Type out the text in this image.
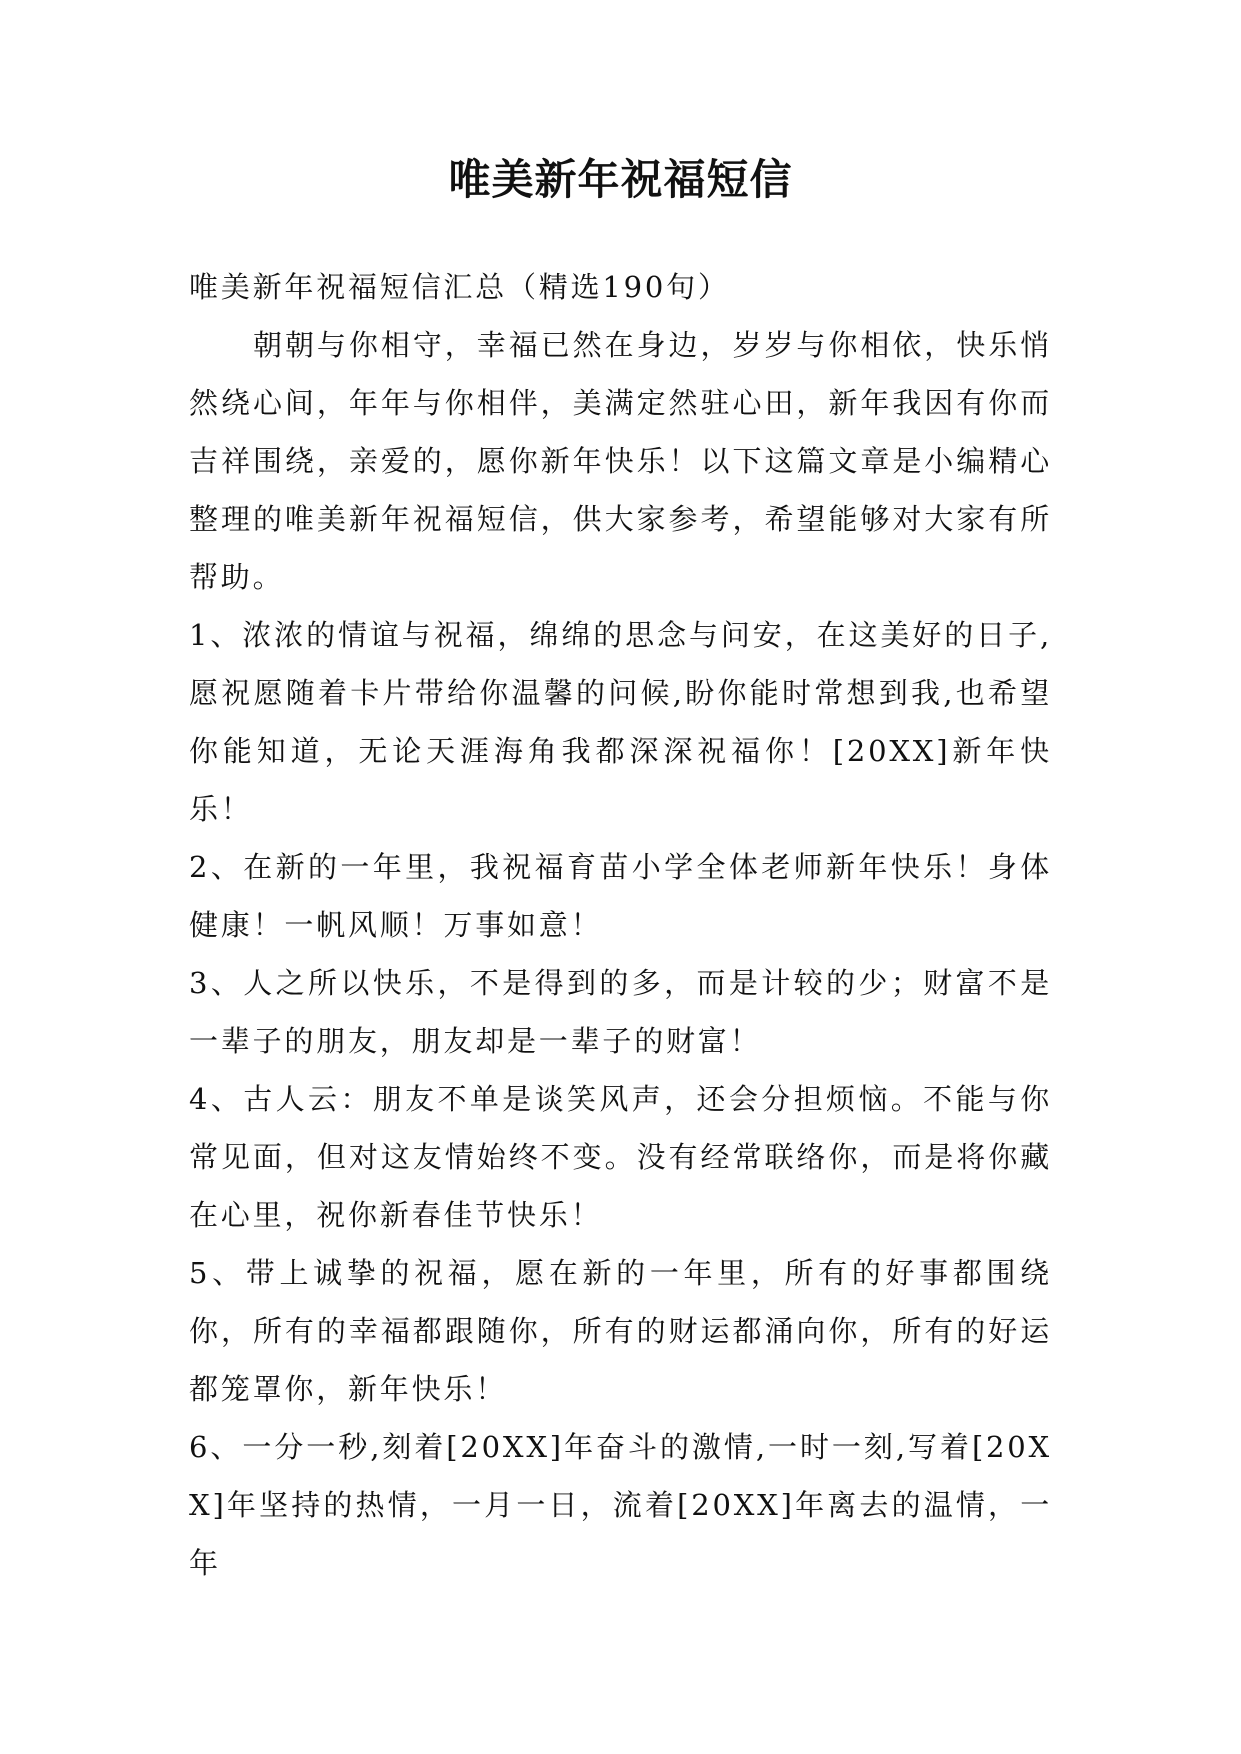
唯美新年祝福短信

唯美新年祝福短信汇总（精选190句）

朝朝与你相守，幸福已然在身边，岁岁与你相依，快乐悄然绕心间，年年与你相伴，美满定然驻心田，新年我因有你而吉祥围绕，亲爱的，愿你新年快乐！以下这篇文章是小编精心整理的唯美新年祝福短信，供大家参考，希望能够对大家有所帮助。

1、浓浓的情谊与祝福，绵绵的思念与问安，在这美好的日子,愿祝愿随着卡片带给你温馨的问候,盼你能时常想到我,也希望你能知道，无论天涯海角我都深深祝福你！[20XX]新年快乐！

2、在新的一年里，我祝福育苗小学全体老师新年快乐！身体健康！一帆风顺！万事如意！

3、人之所以快乐，不是得到的多，而是计较的少；财富不是一辈子的朋友，朋友却是一辈子的财富！

4、古人云：朋友不单是谈笑风声，还会分担烦恼。不能与你常见面，但对这友情始终不变。没有经常联络你，而是将你藏在心里，祝你新春佳节快乐！

5、带上诚挚的祝福，愿在新的一年里，所有的好事都围绕你，所有的幸福都跟随你，所有的财运都涌向你，所有的好运都笼罩你，新年快乐！

6、一分一秒,刻着[20XX]年奋斗的激情,一时一刻,写着[20XX]年坚持的热情，一月一日，流着[20XX]年离去的温情，一年
